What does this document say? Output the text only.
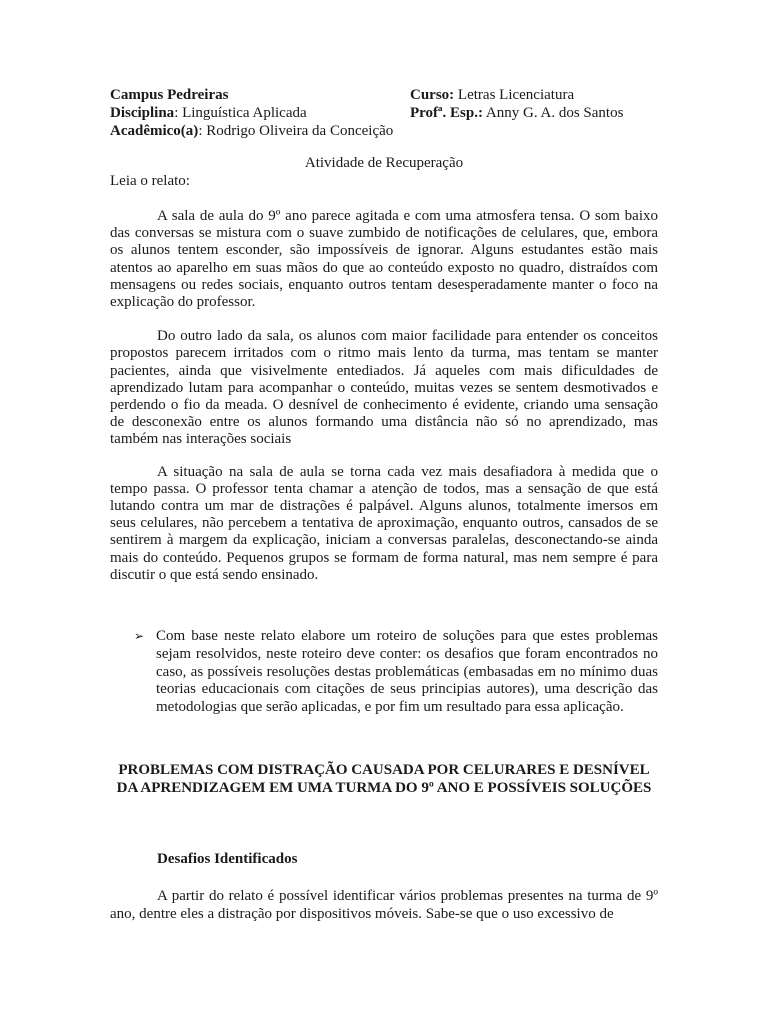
Campus Pedreiras	Curso: Letras Licenciatura
Disciplina: Linguística Aplicada	Profª. Esp.: Anny G. A. dos Santos
Acadêmico(a) : Rodrigo Oliveira da Conceição
Atividade de Recuperação
Leia o relato:

A sala de aula do 9º ano parece agitada e com uma atmosfera tensa. O som baixo das conversas se mistura com o suave zumbido de notificações de celulares, que, embora os alunos tentem esconder, são impossíveis de ignorar. Alguns estudantes estão mais atentos ao aparelho em suas mãos do que ao conteúdo exposto no quadro, distraídos com mensagens ou redes sociais, enquanto outros tentam desesperadamente manter o foco na explicação do professor.

Do outro lado da sala, os alunos com maior facilidade para entender os conceitos propostos parecem irritados com o ritmo mais lento da turma, mas tentam se manter pacientes, ainda que visivelmente entediados. Já aqueles com mais dificuldades de aprendizado lutam para acompanhar o conteúdo, muitas vezes se sentem desmotivados e perdendo o fio da meada. O desnível de conhecimento é evidente, criando uma sensação de desconexão entre os alunos formando uma distância não só no aprendizado, mas também nas interações sociais

A situação na sala de aula se torna cada vez mais desafiadora à medida que o tempo passa. O professor tenta chamar a atenção de todos, mas a sensação de que está lutando contra um mar de distrações é palpável. Alguns alunos, totalmente imersos em seus celulares, não percebem a tentativa de aproximação, enquanto outros, cansados de se sentirem à margem da explicação, iniciam a conversas paralelas, desconectando-se ainda mais do conteúdo. Pequenos grupos se formam de forma natural, mas nem sempre é para discutir o que está sendo ensinado.

➢ Com base neste relato elabore um roteiro de soluções para que estes problemas sejam resolvidos, neste roteiro deve conter: os desafios que foram encontrados no caso, as possíveis resoluções destas problemáticas (embasadas em no mínimo duas teorias educacionais com citações de seus principias autores), uma descrição das metodologias que serão aplicadas, e por fim um resultado para essa aplicação.
PROBLEMAS COM DISTRAÇÃO CAUSADA POR CELURARES E DESNÍVEL DA APRENDIZAGEM EM UMA TURMA DO 9º ANO E POSSÍVEIS SOLUÇÕES
Desafios Identificados

A partir do relato é possível identificar vários problemas presentes na turma de 9º ano, dentre eles a distração por dispositivos móveis. Sabe-se que o uso excessivo de
